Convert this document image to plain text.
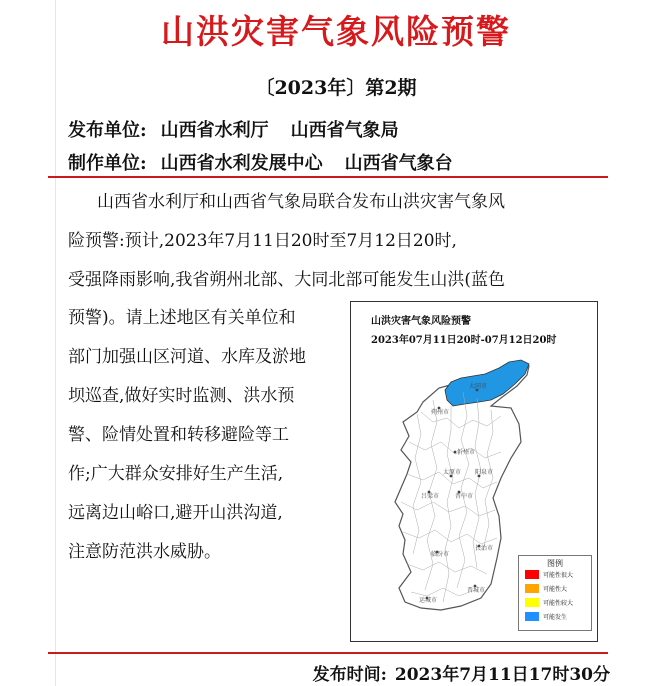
山洪灾害气象风险预警
〔2023年〕第2期
发布单位: 山西省水利厅 山西省气象局
制作单位: 山西省水利发展中心 山西省气象台
山西省水利厅和山西省气象局联合发布山洪灾害气象风
险预警:预计,2023年7月11日20时至7月12日20时,
受强降雨影响,我省朔州北部、大同北部可能发生山洪(蓝色
预警)。请上述地区有关单位和
部门加强山区河道、水库及淤地
坝巡查,做好实时监测、洪水预
警、险情处置和转移避险等工
作;广大群众安排好生产生活,
远离边山峪口,避开山洪沟道,
注意防范洪水威胁。
山洪灾害气象风险预警
2023年07月11日20时-07月12日20时
大同市
朔州市
忻州市
太原市 阳泉市
吕梁市	晋中市
长治市
临汾市
晋城市
运城市
图例
可能性很大
可能性大
可能性较大
可能发生
发布时间: 2023年7月11日17时30分
